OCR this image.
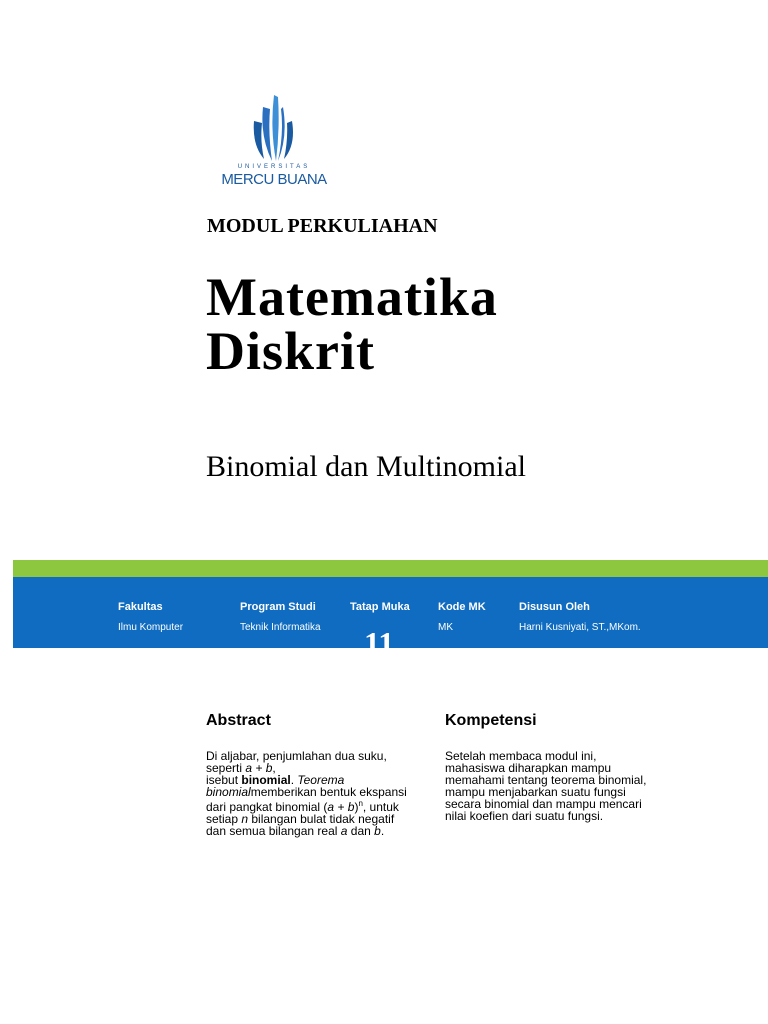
UNIVERSITAS
MERCU BUANA
MODUL PERKULIAHAN
Matematika
Diskrit
Binomial dan Multinomial
Fakultas
Ilmu Komputer
Program Studi
Teknik Informatika
Tatap Muka
11
Kode MK
MK
Disusun Oleh
Harni Kusniyati, ST.,MKom.
Abstract
Di aljabar, penjumlahan dua suku,
seperti a + b,
isebut binomial. Teorema
binomialmemberikan bentuk ekspansi
dari pangkat binomial $(a + b)^n$, untuk
setiap n bilangan bulat tidak negatif
dan semua bilangan real a dan b.
Kompetensi
Setelah membaca modul ini,
mahasiswa diharapkan mampu
memahami tentang teorema binomial,
mampu menjabarkan suatu fungsi
secara binomial dan mampu mencari
nilai koefien dari suatu fungsi.
